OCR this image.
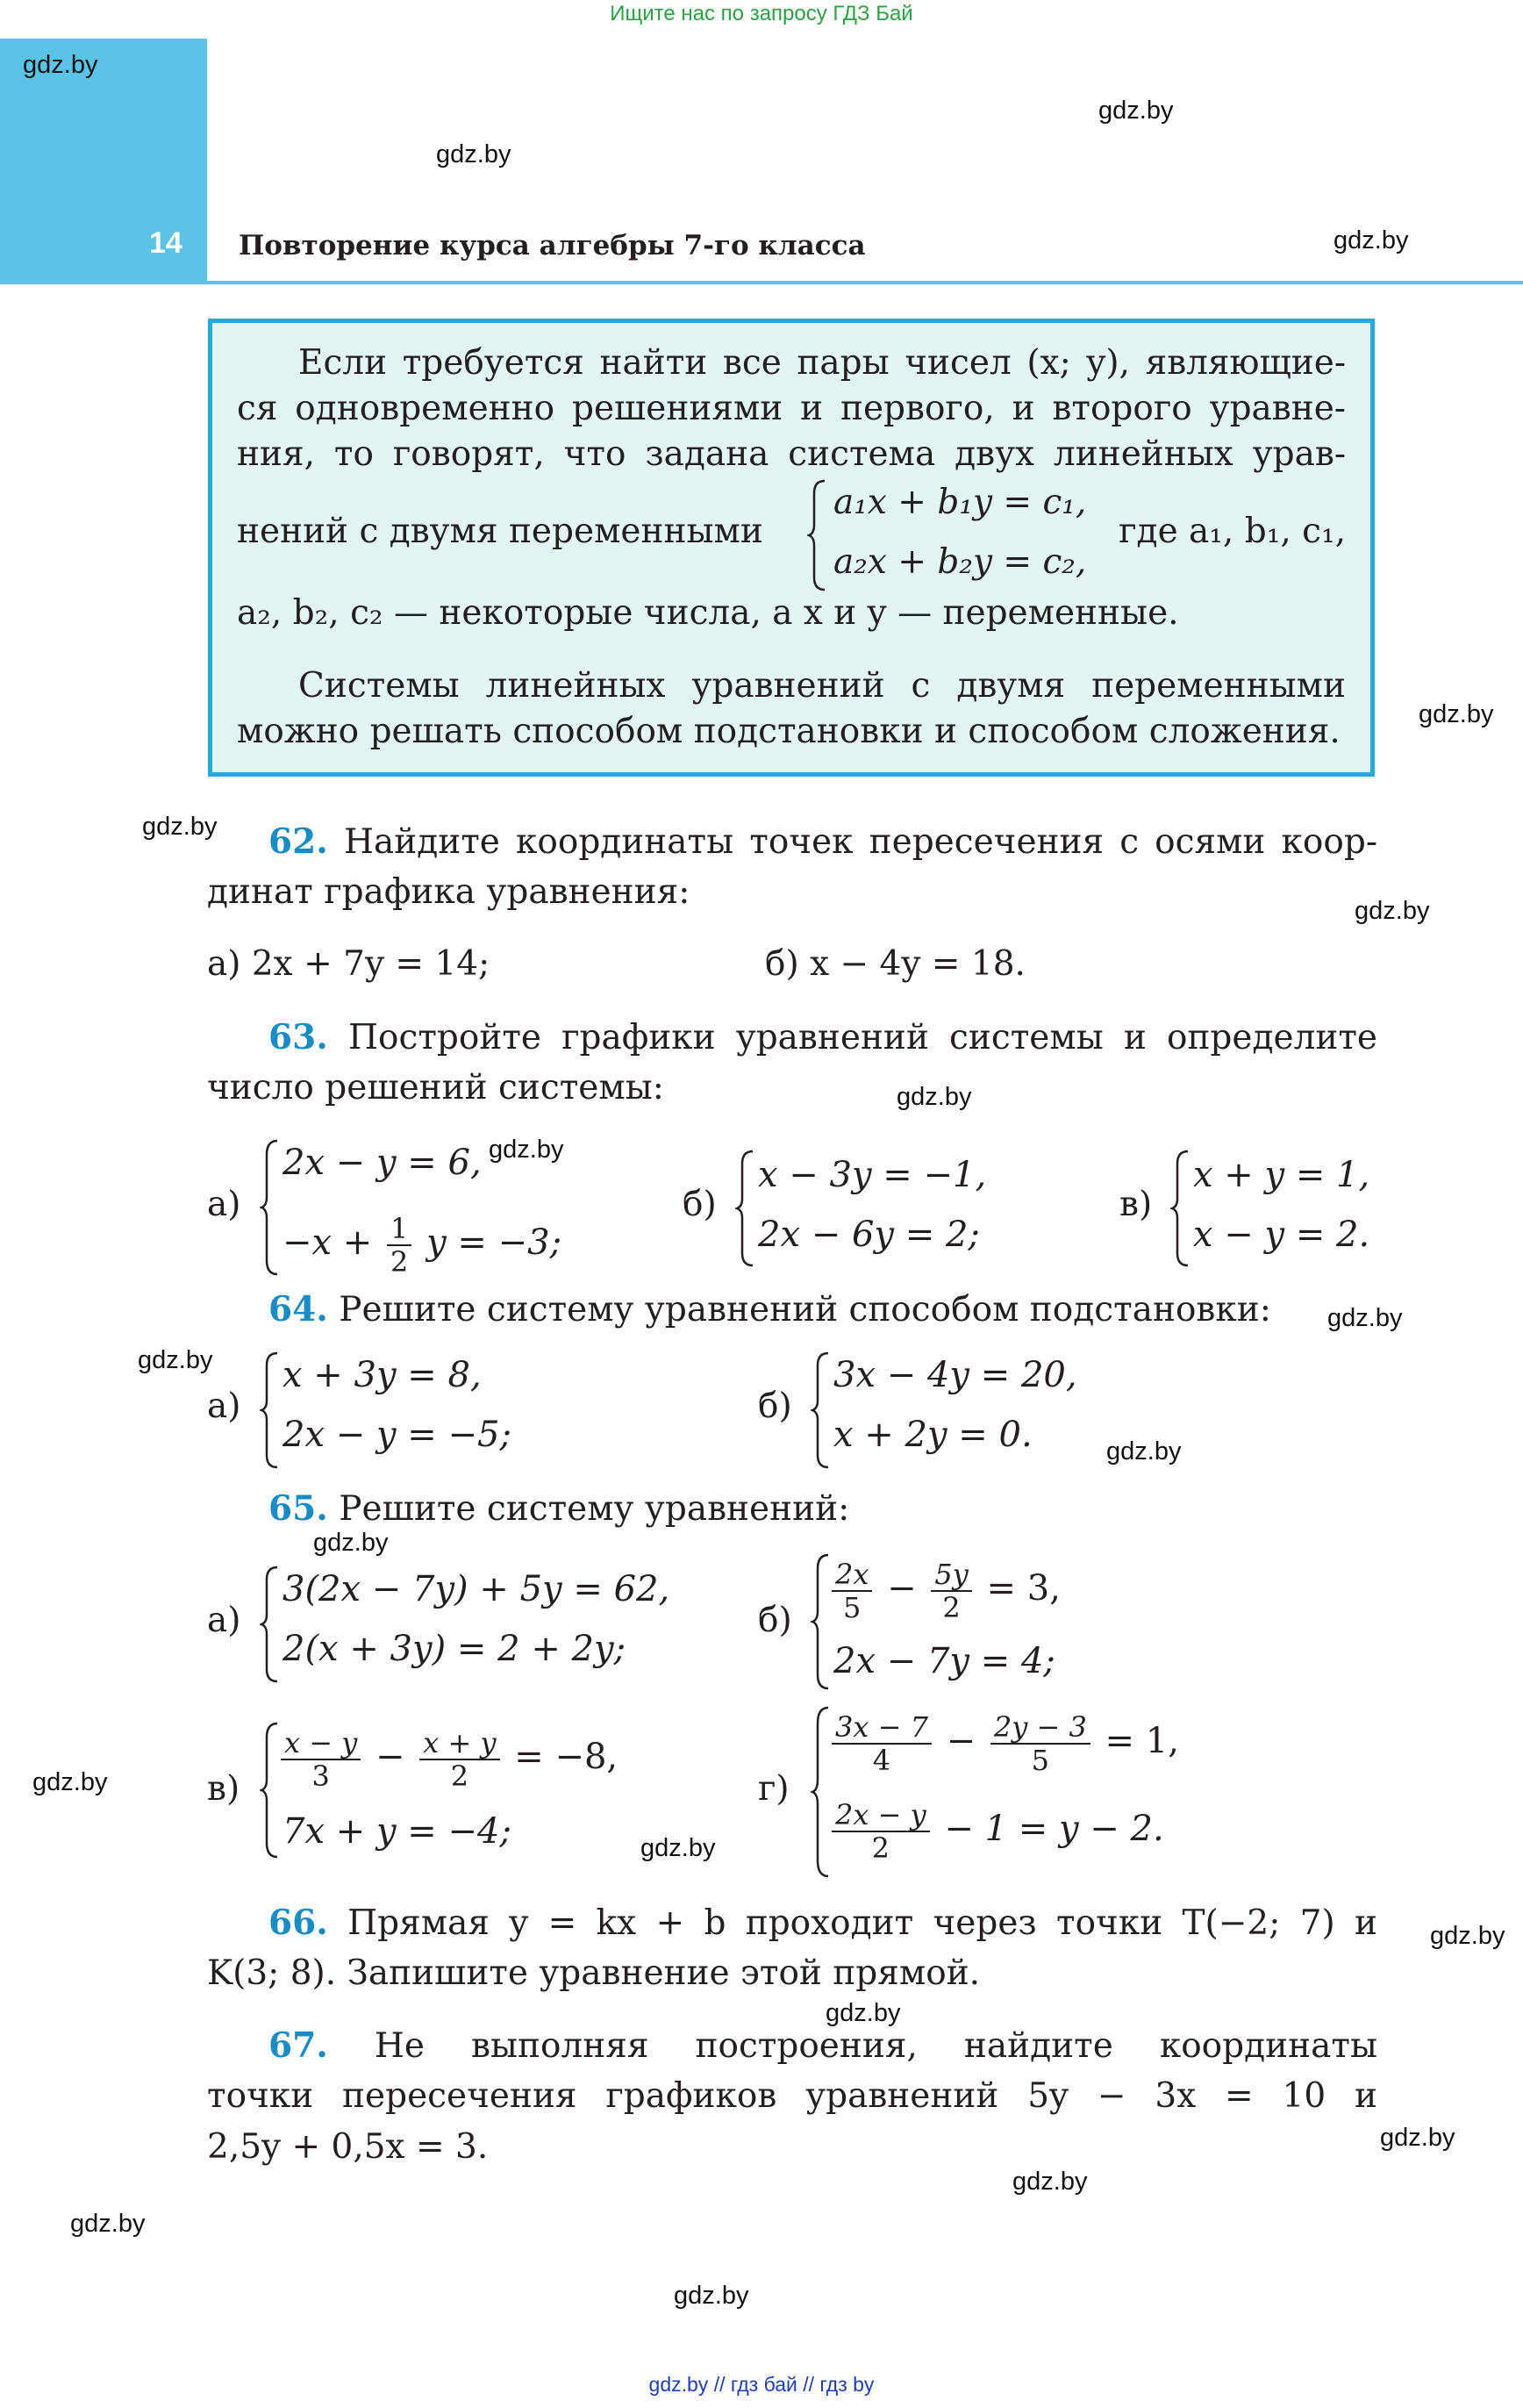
Ищите нас по запросу ГДЗ Бай
14 Повторение курса алгебры 7-го класса
gdz.by
gdz.by
gdz.by
gdz.by
gdz.by
gdz.by
gdz.by
gdz.by
gdz.by
gdz.by
gdz.by
gdz.by
gdz.by
gdz.by
gdz.by
gdz.by
gdz.by
gdz.by
gdz.by
gdz.by
gdz.by
Если требуется найти все пары чисел (x; y), являющие-
ся одновременно решениями и первого, и второго уравне-
ния, то говорят, что задана система двух линейных урав-
нений с двумя переменными
a₁x + b₁y = c₁,
a₂x + b₂y = c₂,
где a₁, b₁, c₁,
a₂, b₂, c₂ — некоторые числа, а x и y — переменные.
Системы линейных уравнений с двумя переменными
можно решать способом подстановки и способом сложения.
62. Найдите координаты точек пересечения с осями коор-
динат графика уравнения:
а) 2x + 7y = 14;	б) x − 4y = 18.
63. Постройте графики уравнений системы и определите
число решений системы:
а)
2x − y = 6,
$-x + \frac{1}{2}$ y = −3;
б)
x − 3y = −1,
2x − 6y = 2;
в)
x + y = 1,
x − y = 2.
64. Решите систему уравнений способом подстановки:
а)
x + 3y = 8,
2x − y = −5;
б)
3x − 4y = 20,
x + 2y = 0.
65. Решите систему уравнений:
а)
3(2x − 7y) + 5y = 62,
2(x + 3y) = 2 + 2y;
$б) \frac{2x}{5} - \frac{5y}{2} = 3$,
2x − 7y = 4;
$в) \frac{x - y}{3} - \frac{x + y}{2} = -8$,
7x + y = −4;
г)
$\frac{3x - 7}{4} - \frac{2y - 3}{5} = 1$,
$\frac{2x - y}{2} - 1 = y - 2$.
66. Прямая y = kx + b проходит через точки T(−2; 7) и
K(3; 8). Запишите уравнение этой прямой.
67. Не выполняя построения, найдите координаты
точки пересечения графиков уравнений 5y − 3x = 10 и
2,5y + 0,5x = 3.
gdz.by // гдз бай // гдз by
